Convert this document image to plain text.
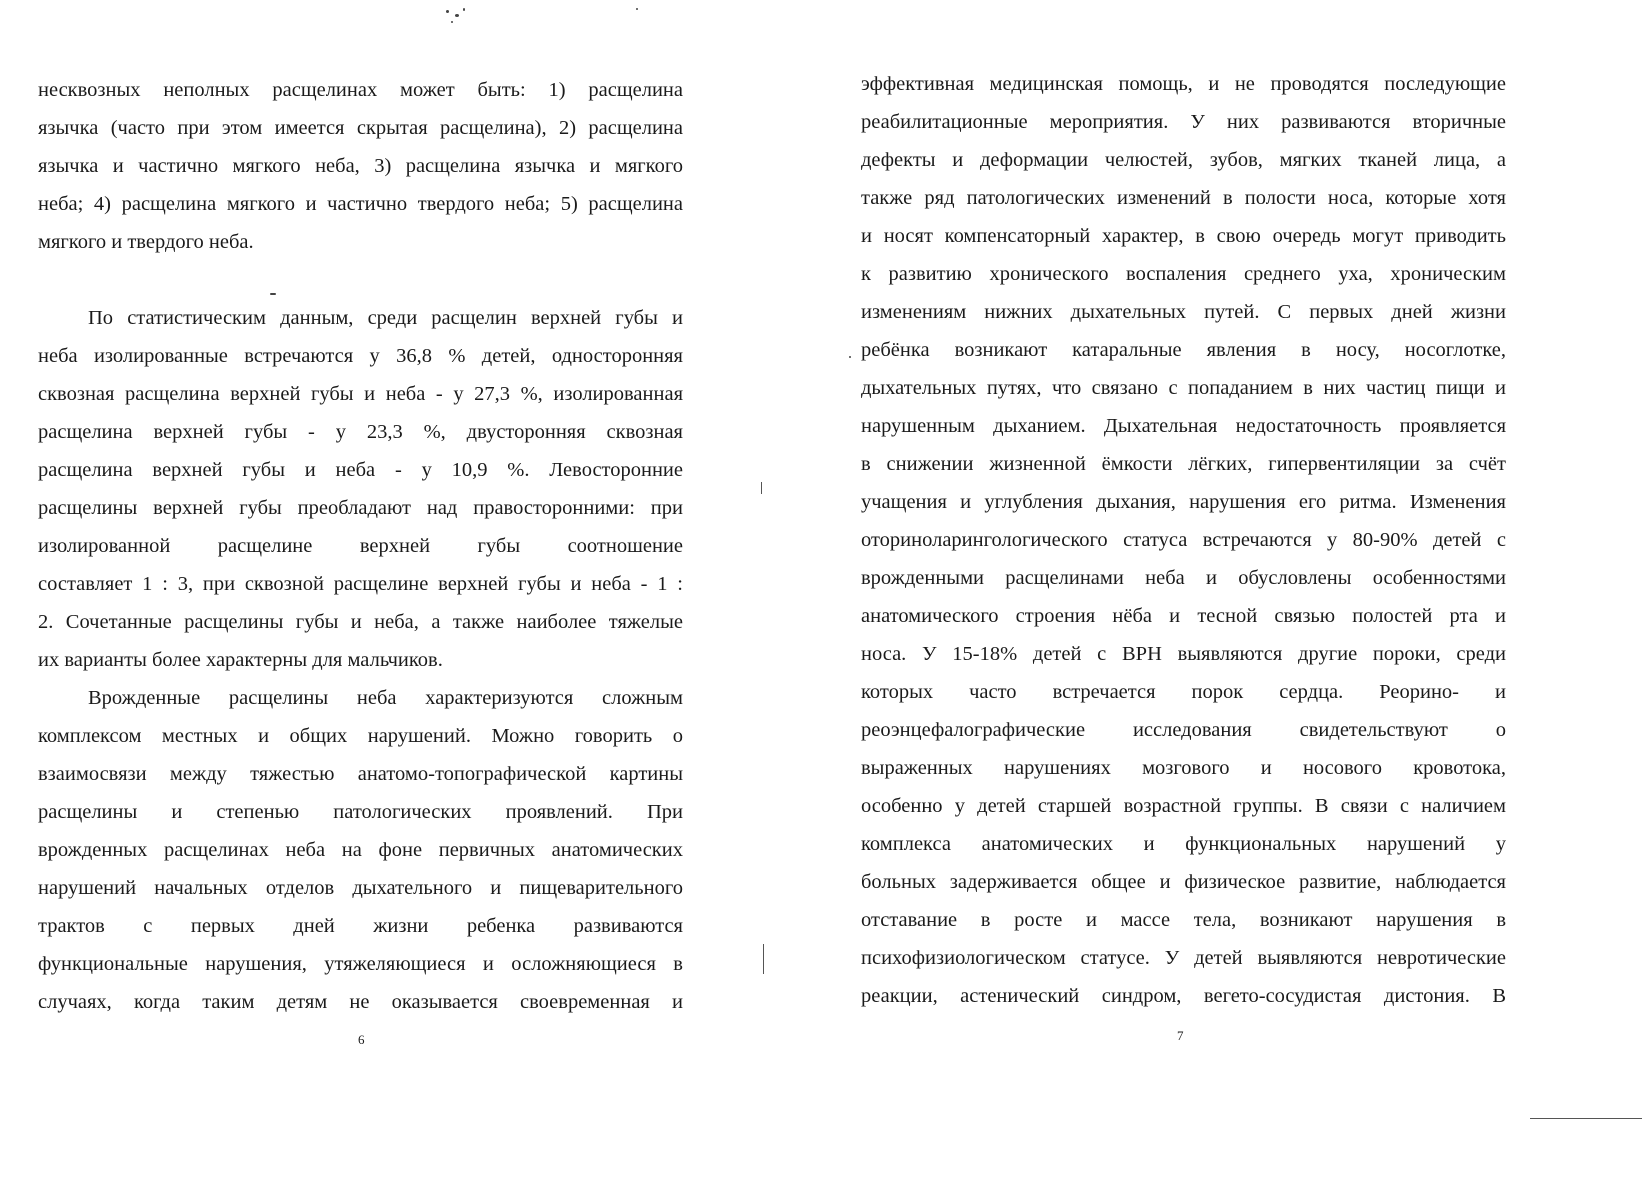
несквозных неполных расщелинах может быть: 1) расщелина

язычка (часто при этом имеется скрытая расщелина), 2) расщелина

язычка и частично мягкого неба, 3) расщелина язычка и мягкого

неба; 4) расщелина мягкого и частично твердого неба; 5) расщелина

мягкого и твердого неба.

По статистическим данным, среди расщелин верхней губы и

неба изолированные встречаются у 36,8 % детей, односторонняя

сквозная расщелина верхней губы и неба - у 27,3 %, изолированная

расщелина верхней губы - у 23,3 %, двусторонняя сквозная

расщелина верхней губы и неба - у 10,9 %. Левосторонние

расщелины верхней губы преобладают над правосторонними: при

изолированной расщелине верхней губы соотношение

составляет 1 : 3, при сквозной расщелине верхней губы и неба - 1 :

2. Сочетанные расщелины губы и неба, а также наиболее тяжелые

их варианты более характерны для мальчиков.

Врожденные расщелины неба характеризуются сложным

комплексом местных и общих нарушений. Можно говорить о

взаимосвязи между тяжестью анатомо-топографической картины

расщелины и степенью патологических проявлений. При

врожденных расщелинах неба на фоне первичных анатомических

нарушений начальных отделов дыхательного и пищеварительного

трактов с первых дней жизни ребенка развиваются

функциональные нарушения, утяжеляющиеся и осложняющиеся в

случаях, когда таким детям не оказывается своевременная и

6

эффективная медицинская помощь, и не проводятся последующие

реабилитационные мероприятия. У них развиваются вторичные

дефекты и деформации челюстей, зубов, мягких тканей лица, а

также ряд патологических изменений в полости носа, которые хотя

и носят компенсаторный характер, в свою очередь могут приводить

к развитию хронического воспаления среднего уха, хроническим

изменениям нижних дыхательных путей. С первых дней жизни

ребёнка возникают катаральные явления в носу, носоглотке,

дыхательных путях, что связано с попаданием в них частиц пищи и

нарушенным дыханием. Дыхательная недостаточность проявляется

в снижении жизненной ёмкости лёгких, гипервентиляции за счёт

учащения и углубления дыхания, нарушения его ритма. Изменения

оториноларингологического статуса встречаются у 80-90% детей с

врожденными расщелинами неба и обусловлены особенностями

анатомического строения нёба и тесной связью полостей рта и

носа. У 15-18% детей с ВРН выявляются другие пороки, среди

которых часто встречается порок сердца. Реорино- и

реоэнцефалографические исследования свидетельствуют о

выраженных нарушениях мозгового и носового кровотока,

особенно у детей старшей возрастной группы. В связи с наличием

комплекса анатомических и функциональных нарушений у

больных задерживается общее и физическое развитие, наблюдается

отставание в росте и массе тела, возникают нарушения в

психофизиологическом статусе. У детей выявляются невротические

реакции, астенический синдром, вегето-сосудистая дистония. В

7
